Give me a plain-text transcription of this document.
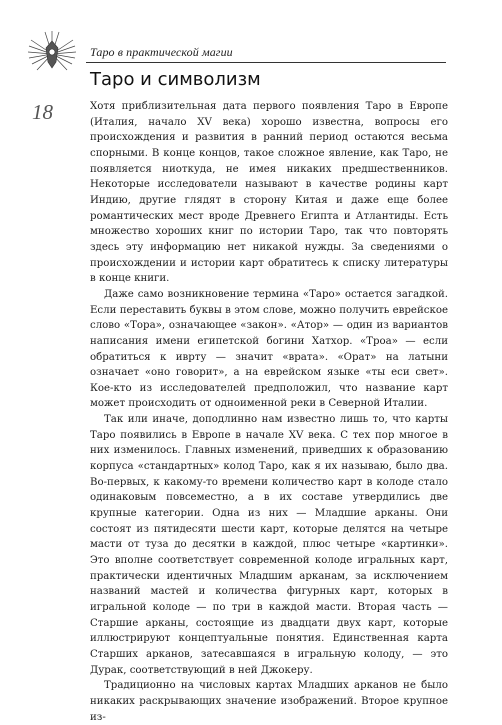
Таро в практической магии
18
Таро и символизм

Хотя приблизительная дата первого появления Таро в Европе (Италия, начало XV века) хорошо известна, вопросы его происхождения и развития в ранний период остаются весьма спорными. В конце концов, такое сложное явление, как Таро, не появляется ниоткуда, не имея никаких предшественников. Некоторые исследователи называют в качестве родины карт Индию, другие глядят в сторону Китая и даже еще более романтических мест вроде Древнего Египта и Атлантиды. Есть множество хороших книг по истории Таро, так что повторять здесь эту информацию нет никакой нужды. За сведениями о происхождении и истории карт обратитесь к списку литературы в конце книги.

Даже само возникновение термина «Таро» остается загадкой. Если переставить буквы в этом слове, можно получить еврейское слово «Тора», означающее «закон». «Атор» — один из вариантов написания имени египетской богини Хатхор. «Троа» — если обратиться к иврту — значит «врата». «Орат» на латыни означает «оно говорит», а на еврейском языке «ты еси свет». Кое-кто из исследователей предположил, что название карт может происходить от одноименной реки в Северной Италии.

Так или иначе, доподлинно нам известно лишь то, что карты Таро появились в Европе в начале XV века. С тех пор многое в них изменилось. Главных изменений, приведших к образованию корпуса «стандартных» колод Таро, как я их называю, было два. Во-первых, к какому-то времени количество карт в колоде стало одинаковым повсеместно, а в их составе утвердились две крупные категории. Одна из них — Младшие арканы. Они состоят из пятидесяти шести карт, которые делятся на четыре масти от туза до десятки в каждой, плюс четыре «картинки». Это вполне соответствует современной колоде игральных карт, практически идентичных Младшим арканам, за исключением названий мастей и количества фигурных карт, которых в игральной колоде — по три в каждой масти. Вторая часть — Старшие арканы, состоящие из двадцати двух карт, которые иллюстрируют концептуальные понятия. Единственная карта Старших арканов, затесавшаяся в игральную колоду, — это Дурак, соответствующий в ней Джокеру.

Традиционно на числовых картах Младших арканов не было никаких раскрывающих значение изображений. Второе крупное из-
